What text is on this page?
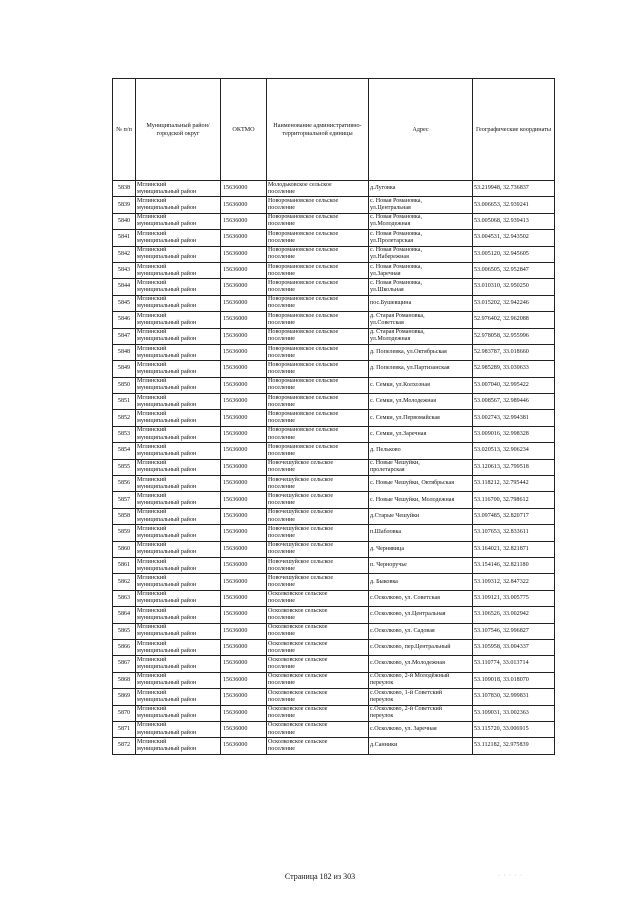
№ п/п	Муниципальный район/городской округ	ОКТМО	Наименование административно-территориальной единицы	Адрес	Географические координаты

5838	Мглинский
муниципальный район	15636000	Молодьковское сельское
поселение	д.Луговка	53.219948, 32.736837

5839	Мглинский
муниципальный район	15636000	Новоромановское сельское
поселение	с. Новая Романовка,
ул.Центральная	53.006653, 32.939241

5840	Мглинский
муниципальный район	15636000	Новоромановское сельское
поселение	с. Новая Романовка,
ул.Молодежная	53.005068, 32.939413

5841	Мглинский
муниципальный район	15636000	Новоромановское сельское
поселение	с. Новая Романовка,
ул.Пролетарская	53.004531, 32.943502

5842	Мглинский
муниципальный район	15636000	Новоромановское сельское
поселение	с. Новая Романовка,
ул.Набережная	53.005120, 32.945605

5843	Мглинский
муниципальный район	15636000	Новоромановское сельское
поселение	с. Новая Романовка,
ул.Заречная	53.006505, 32.952847

5844	Мглинский
муниципальный район	15636000	Новоромановское сельское
поселение	с. Новая Романовка,
ул.Школьная	53.010310, 32.950250

5845	Мглинский
муниципальный район	15636000	Новоромановское сельское
поселение	пос.Бушевщина	53.015202, 32.942246

5846	Мглинский
муниципальный район	15636000	Новоромановское сельское
поселение	д. Старая Романовка,
ул.Советская	52.976402, 32.962088

5847	Мглинский
муниципальный район	15636000	Новоромановское сельское
поселение	д. Старая Романовка,
ул.Молодежная	52.978058, 32.955996

5848	Мглинский
муниципальный район	15636000	Новоромановское сельское
поселение	д. Попелевка, ул.Октябрьская	52.983787, 33.018660

5849	Мглинский
муниципальный район	15636000	Новоромановское сельское
поселение	д. Попелевка, ул.Партизанская	52.985289, 33.030633

5850	Мглинский
муниципальный район	15636000	Новоромановское сельское
поселение	с. Семки, ул.Колхозная	53.007040, 32.995422

5851	Мглинский
муниципальный район	15636000	Новоромановское сельское
поселение	с. Семки, ул.Молодежная	53.008567, 32.989446

5852	Мглинский
муниципальный район	15636000	Новоромановское сельское
поселение	с. Семки, ул.Первомайская	53.002743, 32.994381

5853	Мглинский
муниципальный район	15636000	Новоромановское сельское
поселение	с. Семки, ул.Заречная	53.009016, 32.998328

5854	Мглинский
муниципальный район	15636000	Новоромановское сельское
поселение	д. Пельково	53.020513, 32.906234

5855	Мглинский
муниципальный район	15636000	Новочешуйское сельское
поселение	с. Новые Чешуйки,
пролетарская	53.120613, 32.799518

5856	Мглинский
муниципальный район	15636000	Новочешуйское сельское
поселение	с. Новые Чешуйки, Октябрьская	53.118212, 32.795442

5857	Мглинский
муниципальный район	15636000	Новочешуйское сельское
поселение	с. Новые Чешуйки, Молодежная	53.116700, 32.798612

5858	Мглинский
муниципальный район	15636000	Новочешуйское сельское
поселение	д.Старые Чешуйки	53.097485, 32.820717

5859	Мглинский
муниципальный район	15636000	Новочешуйское сельское
поселение	п.Шабловка	53.107653, 32.833611

5860	Мглинский
муниципальный район	15636000	Новочешуйское сельское
поселение	д. Чернявица	53.164021, 32.821871

5861	Мглинский
муниципальный район	15636000	Новочешуйское сельское
поселение	п. Черноручье	53.154146, 32.821180

5862	Мглинский
муниципальный район	15636000	Новочешуйское сельское
поселение	д. Быковка	53.109312, 32.847322

5863	Мглинский
муниципальный район	15636000	Осколковское сельское
поселение	с.Осколково, ул. Советская	53.109121, 33.005775

5864	Мглинский
муниципальный район	15636000	Осколковское сельское
поселение	с.Осколково, ул.Центральная	53.106526, 33.002942

5865	Мглинский
муниципальный район	15636000	Осколковское сельское
поселение	с.Осколково, ул. Садовая	53.107546, 32.996827

5866	Мглинский
муниципальный район	15636000	Осколковское сельское
поселение	с.Осколково, пер.Центральный	53.105958, 33.004337

5867	Мглинский
муниципальный район	15636000	Осколковское сельское
поселение	с.Осколково, ул.Молодежная	53.110774, 33.013714

5868	Мглинский
муниципальный район	15636000	Осколковское сельское
поселение	с.Осколково, 2-й Молодёжный
переулок	53.109018, 33.018070

5869	Мглинский
муниципальный район	15636000	Осколковское сельское
поселение	с.Осколково, 1-й Советский
переулок	53.107830, 32.999831

5870	Мглинский
муниципальный район	15636000	Осколковское сельское
поселение	с.Осколково, 2-й Советский
переулок	53.109031, 33.002363

5871	Мглинский
муниципальный район	15636000	Осколковское сельское
поселение	с.Осколково, ул. Заречная	53.115720, 33.006915

5872	Мглинский
муниципальный район	15636000	Осколковское сельское
поселение	д.Санники	53.112182, 32.975839
Страница 182 из 303	· · · · ·
